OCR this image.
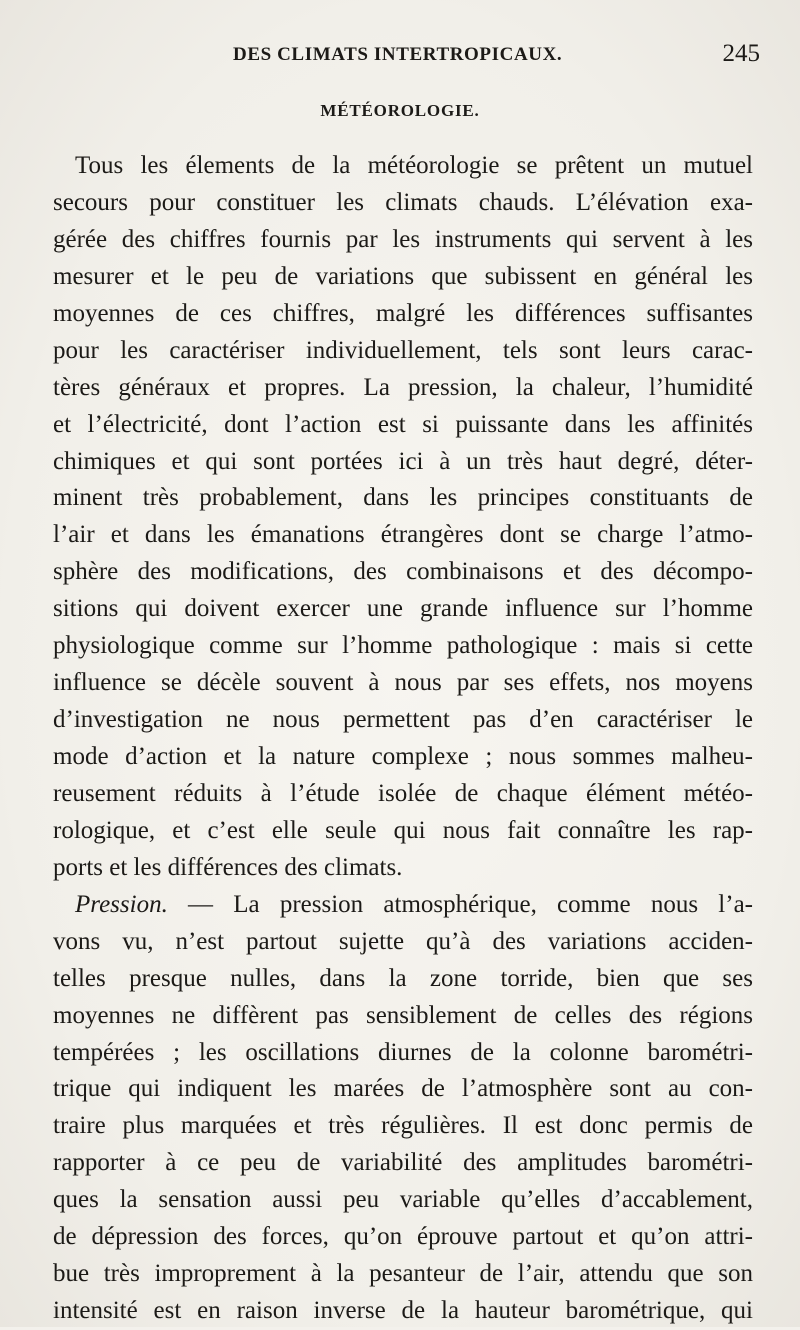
DES CLIMATS INTERTROPICAUX.	245
MÉTÉOROLOGIE.
Tous les élements de la météorologie se prêtent un mutuel
secours pour constituer les climats chauds. L’élévation exa-
gérée des chiffres fournis par les instruments qui servent à les
mesurer et le peu de variations que subissent en général les
moyennes de ces chiffres, malgré les différences suffisantes
pour les caractériser individuellement, tels sont leurs carac-
tères généraux et propres. La pression, la chaleur, l’humidité
et l’électricité, dont l’action est si puissante dans les affinités
chimiques et qui sont portées ici à un très haut degré, déter-
minent très probablement, dans les principes constituants de
l’air et dans les émanations étrangères dont se charge l’atmo-
sphère des modifications, des combinaisons et des décompo-
sitions qui doivent exercer une grande influence sur l’homme
physiologique comme sur l’homme pathologique : mais si cette
influence se décèle souvent à nous par ses effets, nos moyens
d’investigation ne nous permettent pas d’en caractériser le
mode d’action et la nature complexe ; nous sommes malheu-
reusement réduits à l’étude isolée de chaque élément météo-
rologique, et c’est elle seule qui nous fait connaître les rap-
ports et les différences des climats.
Pression. — La pression atmosphérique, comme nous l’a-
vons vu, n’est partout sujette qu’à des variations acciden-
telles presque nulles, dans la zone torride, bien que ses
moyennes ne diffèrent pas sensiblement de celles des régions
tempérées ; les oscillations diurnes de la colonne barométri-
trique qui indiquent les marées de l’atmosphère sont au con-
traire plus marquées et très régulières. Il est donc permis de
rapporter à ce peu de variabilité des amplitudes barométri-
ques la sensation aussi peu variable qu’elles d’accablement,
de dépression des forces, qu’on éprouve partout et qu’on attri-
bue très improprement à la pesanteur de l’air, attendu que son
intensité est en raison inverse de la hauteur barométrique, qui
